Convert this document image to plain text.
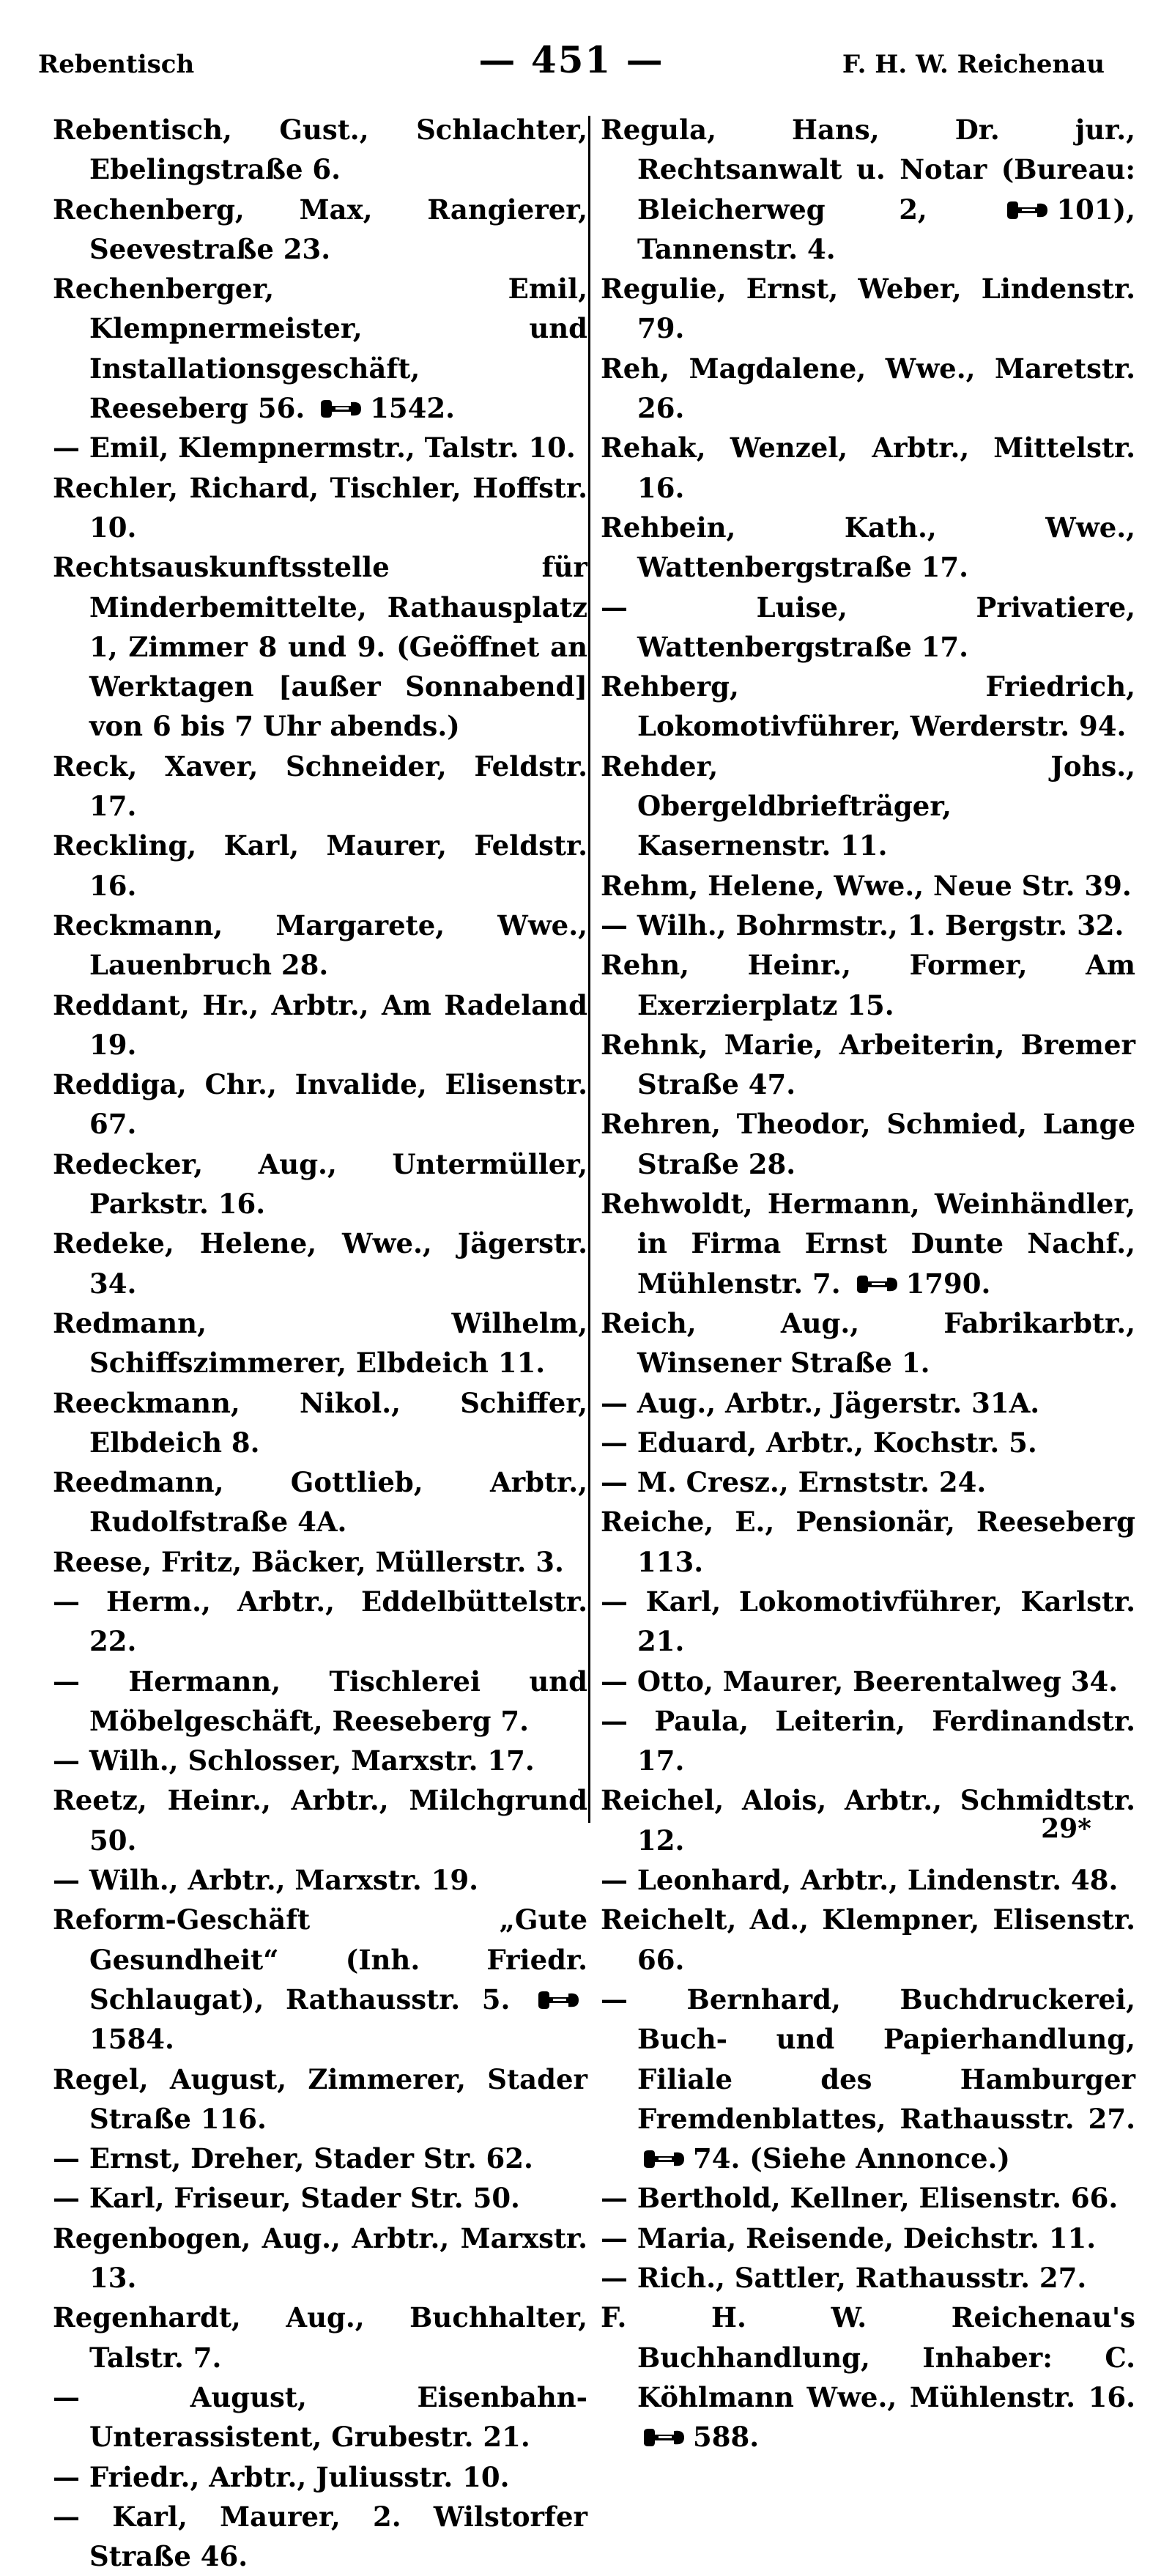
Rebentisch	— 451 —	F. H. W. Reichenau

Rebentisch, Gust., Schlachter, Ebelingstraße 6.

Rechenberg, Max, Rangierer, Seevestraße 23.

Rechenberger, Emil, Klempnermeister, und Installationsgeschäft, Reeseberg 56. 1542.

— Emil, Klempnermstr., Talstr. 10.

Rechler, Richard, Tischler, Hoffstr. 10.

Rechtsauskunftsstelle für Minderbemittelte, Rathausplatz 1, Zimmer 8 und 9. (Geöffnet an Werktagen [außer Sonnabend] von 6 bis 7 Uhr abends.)

Reck, Xaver, Schneider, Feldstr. 17.

Reckling, Karl, Maurer, Feldstr. 16.

Reckmann, Margarete, Wwe., Lauenbruch 28.

Reddant, Hr., Arbtr., Am Radeland 19.

Reddiga, Chr., Invalide, Elisenstr. 67.

Redecker, Aug., Untermüller, Parkstr. 16.

Redeke, Helene, Wwe., Jägerstr. 34.

Redmann, Wilhelm, Schiffszimmerer, Elbdeich 11.

Reeckmann, Nikol., Schiffer, Elbdeich 8.

Reedmann, Gottlieb, Arbtr., Rudolfstraße 4A.

Reese, Fritz, Bäcker, Müllerstr. 3.

— Herm., Arbtr., Eddelbüttelstr. 22.

— Hermann, Tischlerei und Möbelgeschäft, Reeseberg 7.

— Wilh., Schlosser, Marxstr. 17.

Reetz, Heinr., Arbtr., Milchgrund 50.

— Wilh., Arbtr., Marxstr. 19.

Reform-Geschäft „Gute Gesundheit“ (Inh. Friedr. Schlaugat), Rathausstr. 5. 1584.

Regel, August, Zimmerer, Stader Straße 116.

— Ernst, Dreher, Stader Str. 62.

— Karl, Friseur, Stader Str. 50.

Regenbogen, Aug., Arbtr., Marxstr. 13.

Regenhardt, Aug., Buchhalter, Talstr. 7.

— August, Eisenbahn-Unterassistent, Grubestr. 21.

— Friedr., Arbtr., Juliusstr. 10.

— Karl, Maurer, 2. Wilstorfer Straße 46.

Regula, Hans, Dr. jur., Rechtsanwalt u. Notar (Bureau: Bleicherweg 2,	101), Tannenstr. 4.

Regulie, Ernst, Weber, Lindenstr. 79.

Reh, Magdalene, Wwe., Maretstr. 26.

Rehak, Wenzel, Arbtr., Mittelstr. 16.

Rehbein, Kath., Wwe., Wattenbergstraße 17.

— Luise, Privatiere, Wattenbergstraße 17.

Rehberg, Friedrich, Lokomotivführer, Werderstr. 94.

Rehder, Johs., Obergeldbriefträger, Kasernenstr. 11.

Rehm, Helene, Wwe., Neue Str. 39.

— Wilh., Bohrmstr., 1. Bergstr. 32.

Rehn, Heinr., Former, Am Exerzierplatz 15.

Rehnk, Marie, Arbeiterin, Bremer Straße 47.

Rehren, Theodor, Schmied, Lange Straße 28.

Rehwoldt, Hermann, Weinhändler, in Firma Ernst Dunte Nachf., Mühlenstr. 7. 1790.

Reich, Aug., Fabrikarbtr., Winsener Straße 1.

— Aug., Arbtr., Jägerstr. 31A.

— Eduard, Arbtr., Kochstr. 5.

— M. Cresz., Ernststr. 24.

Reiche, E., Pensionär, Reeseberg 113.

— Karl, Lokomotivführer, Karlstr. 21.

— Otto, Maurer, Beerentalweg 34.

— Paula, Leiterin, Ferdinandstr. 17.

Reichel, Alois, Arbtr., Schmidtstr. 12.

— Leonhard, Arbtr., Lindenstr. 48.

Reichelt, Ad., Klempner, Elisenstr. 66.

— Bernhard, Buchdruckerei, Buch- und Papierhandlung, Filiale des Hamburger Fremdenblattes, Rathausstr. 27. 74. (Siehe Annonce.)

— Berthold, Kellner, Elisenstr. 66.

— Maria, Reisende, Deichstr. 11.

— Rich., Sattler, Rathausstr. 27.

F. H. W. Reichenau's Buchhandlung, Inhaber: C. Köhlmann Wwe., Mühlenstr. 16. 588.

29*
